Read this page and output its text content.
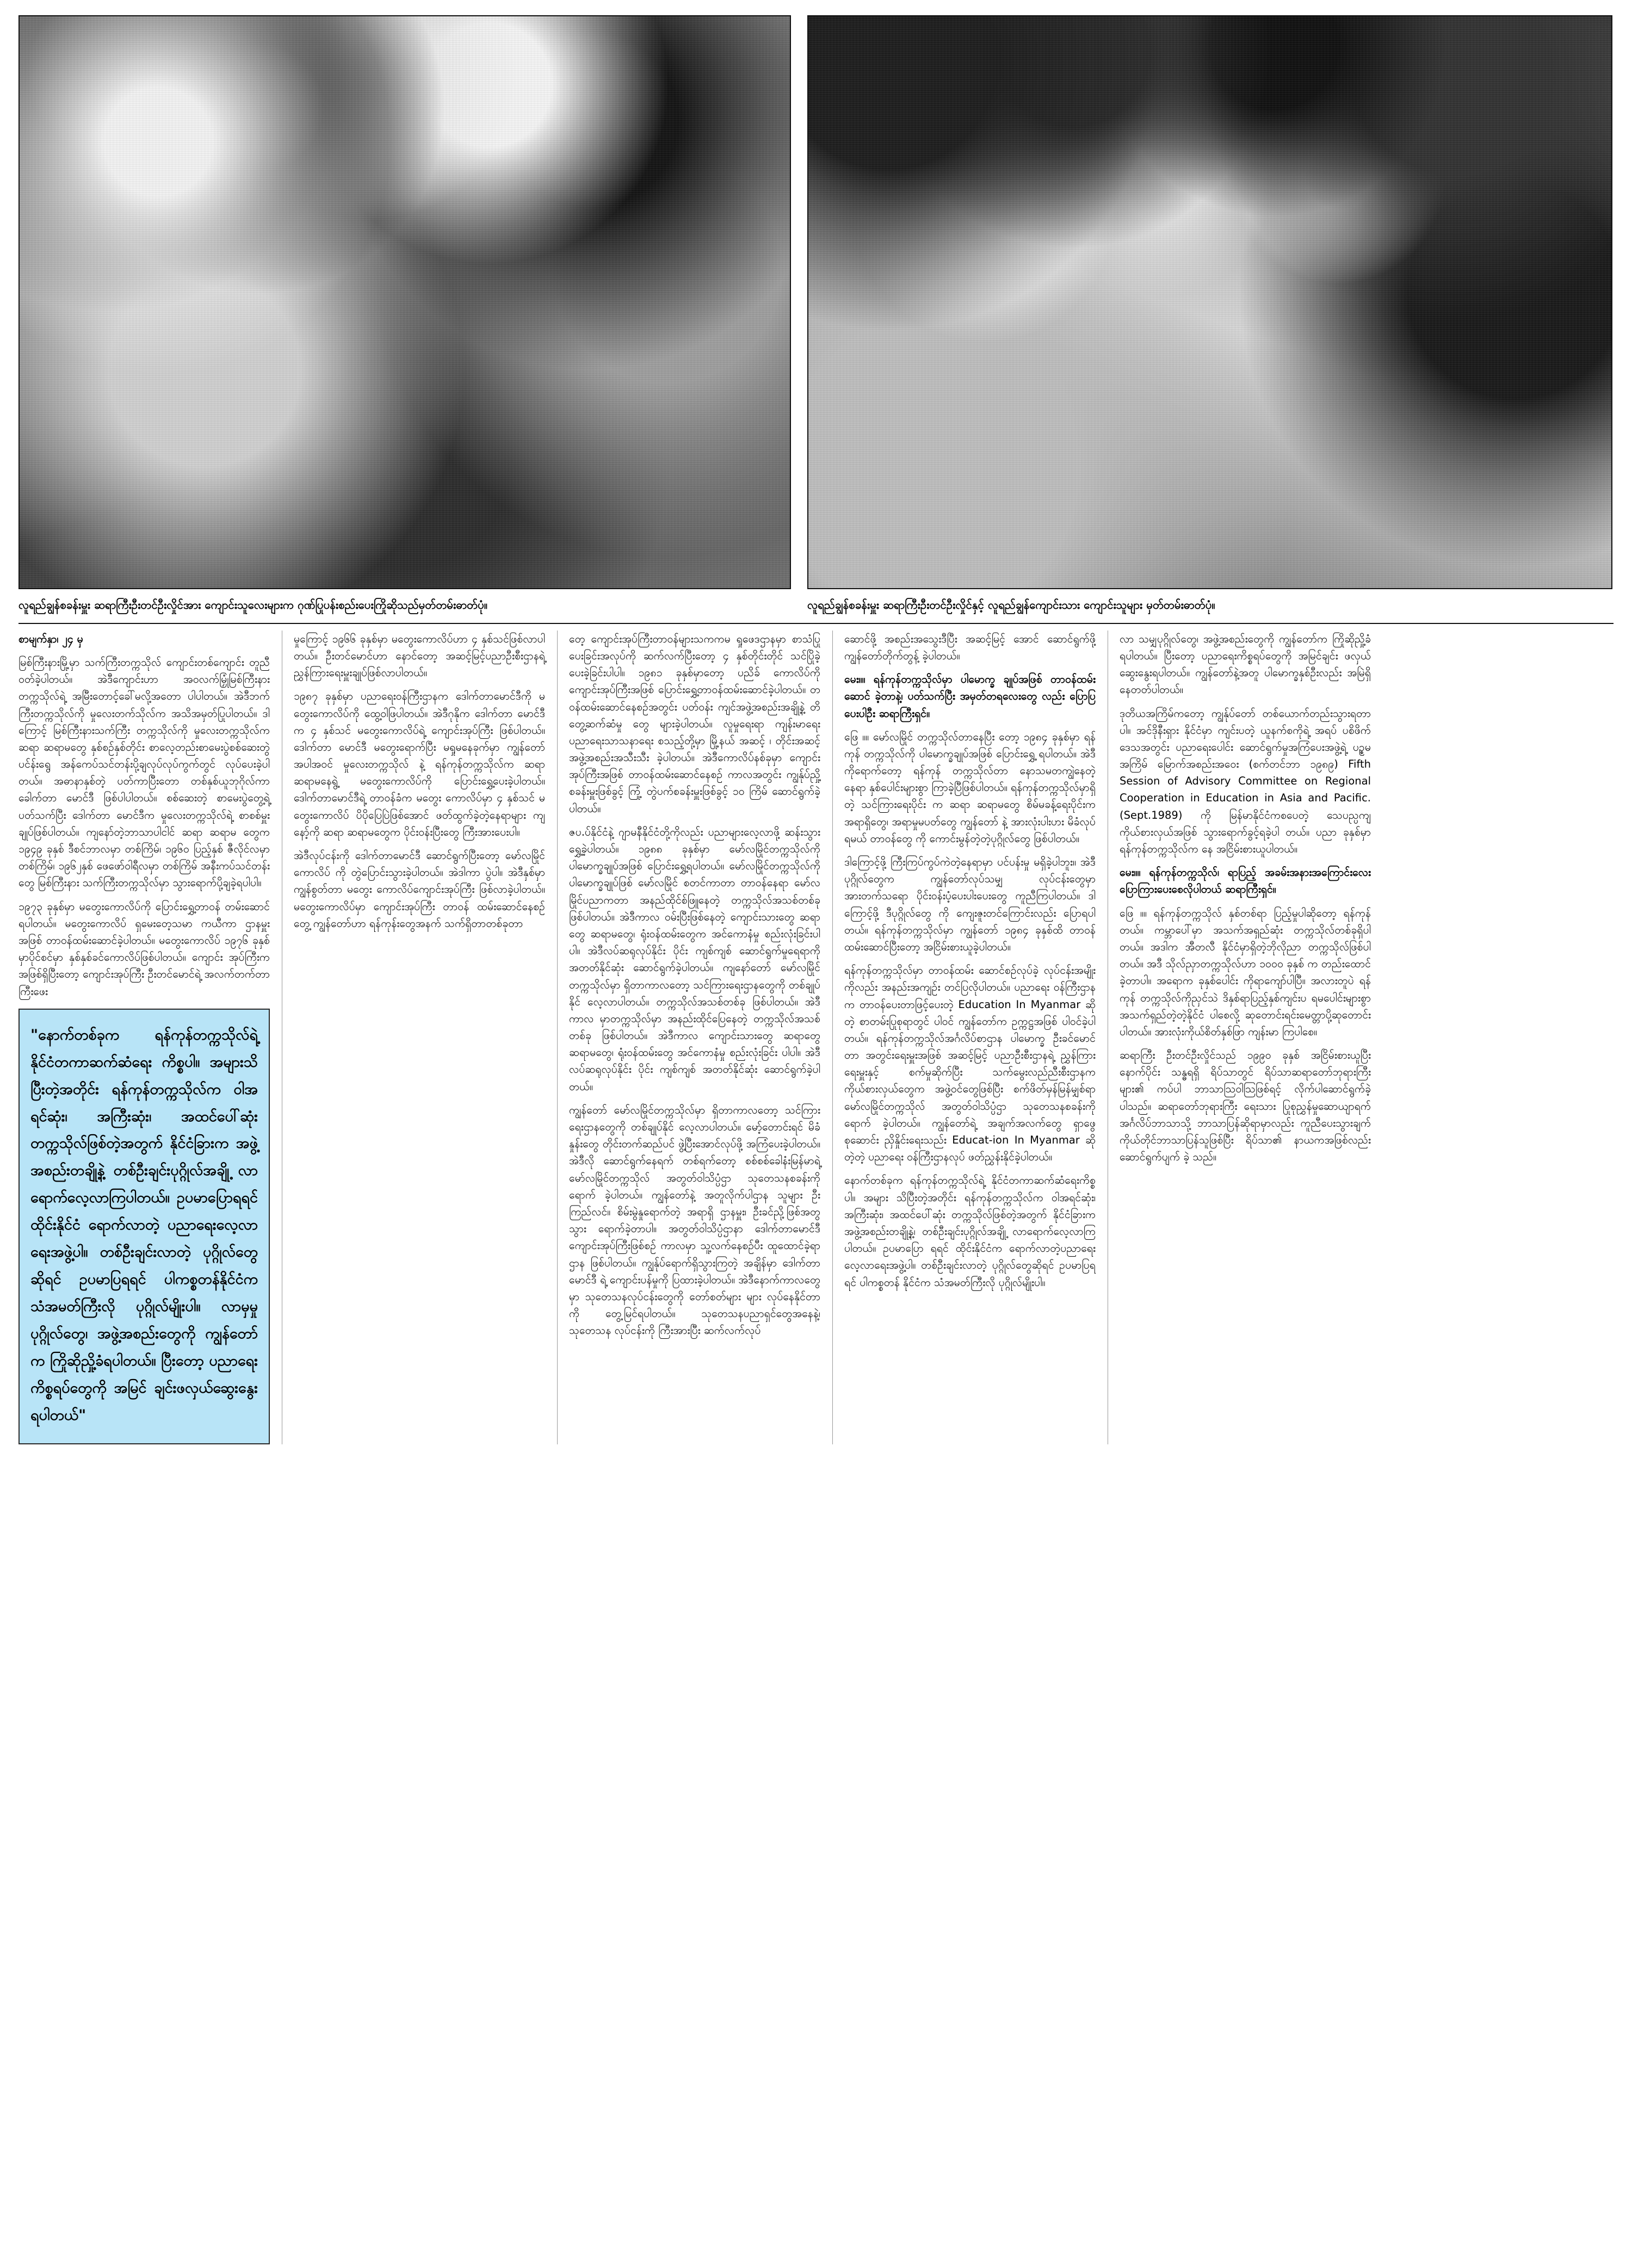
လူရည်ချွန်စခန်းမှူး ဆရာကြီးဦးတင်ဦးလှိုင်အား ကျောင်းသူလေးများက ဂုဏ်ပြုပန်းစည်းပေးကြိုဆိုသည်မှတ်တမ်းဓာတ်ပုံ။	လူရည်ချွန်စခန်းမှူး ဆရာကြီးဦးတင်ဦးလှိုင်နှင့် လူရည်ချွန်ကျောင်းသား ကျောင်းသူများ မှတ်တမ်းဓာတ်ပုံ။

စာမျက်နှာ၊ ၂၄ မှ

မြစ်ကြီးနားမြို့မှာ သက်ကြီးတက္ကသိုလ် ကျောင်းတစ်ကျောင်း တူညီဝတ်ခဲ့ပါတယ်။ အဲဒီကျောင်းဟာ အဝလက်မြှုံမြစ်ကြီးနား တက္ကသိုလ်ရဲ့ အမြီးတောင့်ခေါ်မလို့အတော ပါပါတယ်။ အဲဒီဘက်ကြီးတက္ကသိုလ်ကို မှုလေးတက်သိုလ်က အသိအမှတ်ပြုပါတယ်။ ဒါကြောင့် မြစ်ကြီးနားသက်ကြီး တက္ကသိုလ်ကို မှုလေးတက္ကသိုလ်က ဆရာ ဆရာမတွေ နှစ်စဉ်နှစ်တိုင်း စာလေ့တည်းစာမေးပွဲစစ်ဆေးတွဲပင်န်းရွေ အန်ကေပ်သင်တန်းပို့ချလုပ်လုပ်ကွက်တွင် လုပ်ပေးခဲ့ပါတယ်။ အဓာနာနှစ်တဲ့ ပတ်ကာပြီးတော တစ်နှစ်ယူဘုဂိုလ်ကာ ခေါက်တာ မောင်ဒီ ဖြစ်ပါပါတယ်။ စစ်ဆေးတဲ့ စာမေးပွဲတွေ့ရဲ့ ပတ်သက်ပြီး ဒေါက်တာ မောင်ဒီက မှုလေးတက္ကသိုလ်ရဲ့ စာစစ်မှူးချုပ်ဖြစ်ပါတယ်။ ကျနော်တဲ့ဘာသာပါငါင် ဆရာ ဆရာမ တွေက ၁၉၄၉ ခုနှစ် ဒီစင်ဘာလမှာ တစ်ကြိမ်၊ ၁၉၆၀ ပြည့်နှစ် ဇီလိုင်လမှာ တစ်ကြိမ်၊ ၁၉၆၂နှစ် ဖေဖော်ဝါရီလမှာ တစ်ကြိမ် အနီးကပ်သင်တန်းတွေ မြစ်ကြီးနား သက်ကြီးတက္ကသိုလ်မှာ သွားရောက်ပို့ချခဲ့ရပါပါ။

၁၉၇၃ ခုနှစ်မှာ မတွေးကောလိပ်ကို ပြောင်းရွှေ့တာဝန် တမ်းဆောင်ရပါတယ်။ မတွေးကောလိပ် ရှမေးတေ့သမာ ကယီကာ ဌာနမှူးအဖြစ် တာဝန်ထမ်းဆောင်ခဲ့ပါတယ်။ မတွေးကောလိပ် ၁၉၇၆ ခုနှစ်မှာပိုင်စင်မှာ နှစ်နှစ်ခင်ကောလိပ်ဖြစ်ပါတယ်။ ကျောင်း အုပ်ကြီးက အဖြစ်ရှိပြီးတော့ ကျောင်းအုပ်ကြီး ဦးတင်မောင်ရဲ့ အလက်တက်တာ ကြီးဖေး

"နောက်တစ်ခုက ရန်ကုန်တက္ကသိုလ်ရဲ့ နိုင်ငံတကာဆက်ဆံရေး ကိစ္စပါ။ အများသိပြီးတဲ့အတိုင်း ရန်ကုန်တက္ကသိုလ်က ဝါအရင်ဆုံး၊ အကြီးဆုံး၊ အထင်ပေါ်ဆုံးတက္ကသိုလ်ဖြစ်တဲ့အတွက် နိုင်ငံခြားက အဖွဲ့အစည်းတချို့နဲ့ တစ်ဦးချင်းပုဂ္ဂိုလ်အချို့ လာရောက်လေ့လာကြပါတယ်။ ဥပမာပြောရရင် ထိုင်းနိုင်ငံ ရောက်လာတဲ့ ပညာရေးလေ့လာရေးအဖွဲ့ပါ။ တစ်ဦးချင်းလာတဲ့ ပုဂ္ဂိုလ်တွေဆိုရင် ဥပမာပြရရင် ပါကစ္စတန်နိုင်ငံက သံအမတ်ကြီးလို ပုဂ္ဂိုလ်မျိုးပါ။ လာမှမှုပုဂ္ဂိုလ်တွေ၊ အဖွဲ့အစည်းတွေကို ကျွန်တော်က ကြိုဆိုညှို့ခံရပါတယ်။ ပြီးတော့ ပညာရေးကိစ္စရပ်တွေကို အမြင် ချင်းဖလှယ်ဆွေးနွေးရပါတယ်"

မှုကြောင့် ၁၉၆၆ ခုနှစ်မှာ မတွေးကောလိပ်ဟာ ၄ နှစ်သင်ဖြစ်လာပါတယ်။ ဦးတင်မောင်ဟာ နောင်တော့ အဆင့်မြင့်ပညာဦးစီးဌာနရဲ့ ညွှန်ကြားရေးမှူးချုပ်ဖြစ်လာပါတယ်။

၁၉၈၇ ခုနှစ်မှာ ပညာရေးဝန်ကြီးဌာနက ဒေါက်တာမောင်ဒီကို မတွေးကောလိပ်ကို ထွေ့ဝါဖြပါတယ်။ အဲဒီဂုနိုက ဒေါက်တာ မောင်ဒီက ၄ နှစ်သင် မတွေးကောလိပ်ရဲ့ ကျောင်းအုပ်ကြီး ဖြစ်ပါတယ်။ ဒေါက်တာ မောင်ဒီ မတွေးရောက်ပြီး မရှုမနေခုက်မှာ ကျွန်တော်အပါအဝင် မှုလေးတက္ကသိုလ် နဲ့ ရန်ကုန်တက္ကသိုလ်က ဆရာ ဆရာမနေရွဲ့ မတွေးကောလိပ်ကို ပြောင်းရွှေ့ပေးခဲ့ပါတယ်။ ဒေါက်တာမောင်ဒီရဲ့ တာဝန်ခံက မတွေး ကောလိပ်မှာ ၄ နှစ်သင် မတွေးကောလိပ် ပိပိုပြေပြဲဖြစ်အောင် ဖတ်ထွက်ခဲ့တဲ့နေရာများ ကျနော့်ကို ဆရာ ဆရာမတွေက ပိုင်းဝန်းပြီးတွေ ကြီးအားပေးပါ။

အဲဒီလုပ်ငန်းကို ဒေါက်တာမောင်ဒီ ဆောင်ရွက်ပြီးတော့ မော်လမြိုင်ကောလိပ် ကို တွဲပြောင်းသွားခဲ့ပါတယ်။ အဲဒါကာ ပွဲပါ။ အဲဒီနှစ်မှာ ကျွန်စွတ်တာ မတွေး ကောလိပ်ကျောင်းအုပ်ကြီး ဖြစ်လာခဲ့ပါတယ်။ မတွေးကောလိပ်မှာ ကျောင်းအုပ်ကြီး တာဝန် ထမ်းဆောင်နေစဉ်တွေ့ ကျွန်တော်ဟာ ရန်ကုန်းတွေအနက် သက်ရှိတာတစ်ခုတာ

တေ့ ကျောင်းအုပ်ကြီးတာဝန်များသကကမ ရှုဖေဒဌာနမှာ စာသံပြုပေးခြင်းအလုပ်ကို ဆက်လက်ပြီးတော့ ၄ နှစ်တိုင်းတိုင် သင်ပြိုခဲ့ ပေးခဲ့ခြင်းပါပါ။ ၁၉၈၁ ခုနှစ်မှာတော့ ပညိခ် ကောလိပ်ကို ကျောင်းအုပ်ကြီးအဖြစ် ပြောင်းရွှေ့တာဝန်ထမ်းဆောင်ခဲ့ပါတယ်။ တဝန်ထမ်းဆောင်နေစဉ်အတွင်း ပတ်ဝန်း ကျင်အဖွဲ့အစည်းအချို့နဲ့ တိတွေ့ဆက်ဆံမှု တွေ များခဲ့ပါတယ်။ လူမှုရေးရာ ကျန်းမာရေး ပညာရေးသာသနာရေး စသည့်တို့မှာ မြို့နယ် အဆင့် ၊ တိုင်းအဆင့် အဖွဲ့အစည်းအသီးသီး ခဲ့ပါတယ်။ အဲဒီကောလိပ်နစ်ခုမှာ ကျောင်း အုပ်ကြီးအဖြစ် တာဝန်ထမ်းဆောင်နေစဉ် ကာလအတွင်း ကျွန်ုပ်ညှို့စခန်းမှူးဖြစ်ခွင့် ကြုံ့ တွဲပက်စခန်းမှူးဖြစ်ခွင့် ၁၀ ကြိမ် ဆောင်ရွက်ခဲ့ပါတယ်။

ဇပ.ပ်နိုင်ငံနဲ့ ဂျာမနီနိုင်ငံတို့ကိုလည်း ပညာများလေ့လာဖို့ ဆန်းသွားရွှေ့ခဲ့ပါတယ်။ ၁၉၈၈ ခုနှစ်မှာ မော်လမြိုင်တက္ကသိုလ်ကို ပါမောက္ခချုပ်အဖြစ် ပြောင်းရွှေ့ရပါတယ်။ မော်လမြိုင်တက္ကသိုလ်ကို ပါမောက္ခချုပ်ဖြစ် မော်လမြိုင် စတင်ကာတာ တာဝန်နေရာ မော်လမြိုင်ပညာကတာ အနည်ထိုင်စ်ဖြူနေတဲ့ တက္ကသိုလ်အသစ်တစ်ခု ဖြစ်ပါတယ်။ အဲဒီကာလ ဝမ်းပြီးဖြစ်နေတဲ့ ကျောင်းသားတွေ ဆရာတွေ ဆရာမတွေ၊ ရုံးဝန်ထမ်းတွေက အင်ကောနံမှု စည်းလုံးခြင်းပါပါ။ အဲဒီလပ်ဆရုလုပ်နိုင်း ပိုင်း ကျစ်ကျစ် ဆောင်ရွက်မှုရေရာကို အတတ်နိုင်ဆုံး ဆောင်ရွက်ခဲ့ပါတယ်။ ကျနော်တော် မော်လမြိုင်တက္ကသိုလ်မှာ ရှိတာကာလတော့ သင်ကြားရေးဌာနတွေကို တစ်ချုပ်နိုင် လေ့လာပါတယ်။ တက္ကသိုလ်အသစ်တစ်ခု ဖြစ်ပါတယ်။ အဲဒီကာလ မှာတက္ကသိုလ်မှာ အနည်းထိုင်ပြေနေတဲ့ တက္ကသိုလ်အသစ်တစ်ခု ဖြစ်ပါတယ်။ အဲဒီကာလ ကျောင်းသားတွေ ဆရာတွေ ဆရာမတွေ၊ ရုံးဝန်ထမ်းတွေ အင်ကောနံမှု စည်းလုံးခြင်း ပါပါ။ အဲဒီလပ်ဆရုလုပ်နိုင်း ပိုင်း ကျစ်ကျစ် အတတ်နိုင်ဆုံး ဆောင်ရွက်ခဲ့ပါတယ်။

ကျွန်တော် မော်လမြိုင်တက္ကသိုလ်မှာ ရှိတာကာလတော့ သင်ကြားရေးဌာနတွေကို တစ်ချုပ်နိုင် လေ့လာပါတယ်။ မော့်တောင်းရင် မိခံနှုန်းတွေ တိုင်းတက်ဆည်ပင် ဖွဲ့ပြီးအောင်လုပ်ဖို့ အကြံပေးခဲ့ပါတယ်။ အဲဒီလို ဆောင်ရွက်နေရက် တစ်ရက်တော့ စစ်စစ်ခေါနံးမြန်မာရဲ့ မော်လမြိုင်တက္ကသိုလ် အတွတ်ဝါသိပ္ပံဌာ သုတေသနစခန်းကို ရောက် ခဲ့ပါတယ်။ ကျွန်တော်နဲ့ အတူလိုက်ပါဌာန သူများ ဦးကြည်လင်။ စိမ်းမွဲနှုရောက်တဲ့ အရာရှိ ဌာနမှူး၊ ဦးခင်ညို့ဖြစ်အတွ သွား ရောက်ခဲ့တာပါ။ အတွတ်ဝါသိပ္ပံဌာနာ ဒေါက်တာမောင်ဒီ ကျောင်းအုပ်ကြီးဖြစ်စဉ် ကာလမှာ သူ့လက်နေစဉ်ပီး ထူထောင်ခဲ့ရာ ဌာန ဖြစ်ပါတယ်။ ကျွန်ုပ်ရောက်ရှိသွားကြတဲ့ အချိန်မှာ ဒေါက်တာမောင်ဒီ ရဲ့ ကျောင်းပန်မှုကို ပြထားခဲ့ပါတယ်။ အဲဒီနောက်ကာလတွေမှာ သုတေသနလုပ်ငန်းတွေကို တော်စတ်များ များ လုပ်နေနိုင်တာကို တွေ့မြင်ရပါတယ်။ သုတေသနပညာရှင်တွေအနေနဲ့၊ သုတေသန လုပ်ငန်းကို ကြီးအားပြီး ဆက်လက်လုပ်

ဆောင်ဖို့ အစည်းအသွေးဒီပြီး အဆင့်မြင့် အောင် ဆောင်ရွက်ဖို့ ကျွန်တော်တိုက်တွန့် ခဲ့ပါတယ်။

မေး။။ ရန်ကုန်တက္ကသိုလ်မှာ ပါမောက္ခ ချုပ်အဖြစ် တာဝန်ထမ်းဆောင် ခဲ့တာနဲ့၊ ပတ်သက်ပြီး အမှတ်တရလေးတွေ လည်း ပြောပြပေးပါဦး ဆရာကြီးရှင်။

ဖြေ ။။ မော်လမြိုင် တက္ကသိုလ်တာနေပြီး တော့ ၁၉၈၄ ခုနှစ်မှာ ရန်ကုန် တက္ကသိုလ်ကို ပါမောက္ခချုပ်အဖြစ် ပြောင်းရွှေ့ ရပါတယ်။ အဲဒီကိုရောက်တော့ ရန်ကုန် တက္ကသိုလ်တာ နောသမတကျွဲနေတဲ့ နေရာ နှစ်ပေါင်းများစွာ ကြာခဲ့ပြီဖြစ်ပါတယ်။ ရန်ကုန်တက္ကသိုလ်မှာရှိတဲ့ သင်ကြားရေးပိုင်း က ဆရာ ဆရာမတွေ စိမ်မခန့်ရေးပိုင်းက အရာရှိတွေ၊ အရာမှုမပတ်တွေ ကျွန်တော် နဲ့ အားလုံးပါးပား မိခံလုပ်ရမယ် တာဝန်တွေ ကို ကောင်းမွန်တဲ့တဲ့ပုဂ္ဂိုလ်တွေ ဖြစ်ပါတယ်။

ဒါကြောင့်ဖို့ ကြီးကြပ်ကွပ်ကဲတဲ့နေရာမှာ ပင်ပန်းမှု မရှိခဲ့ပါဘူး။ အဲဒီပုဂ္ဂိုလ်တွေက ကျွန်တော်လုပ်သမျှ လုပ်ငန်းတွေမှာ အားတက်သရော ပိုင်းဝန်းပံ့ပေးပါးပေးတွေ ကူညီကြပါတယ်။ ဒါကြောင့်ဖို့ ဒီပုဂ္ဂိုလ်တွေ ကို ကျေးဇူးတင်ကြောင်းလည်း ပြောရပါ တယ်။ ရန်ကုန်တက္ကသိုလ်မှာ ကျွန်တော် ၁၉၈၄ ခုနှစ်ထိ တာဝန်ထမ်းဆောင်ပြီးတော့ အငြိမ်းစားယူခဲ့ပါတယ်။

ရန်ကုန်တက္ကသိုလ်မှာ တာဝန်ထမ်း ဆောင်စဉ်လုပ်ခဲ့ လုပ်ငန်းအမျိုးကိုလည်း အနည်းအကျဉ်း တင်ပြလိုပါတယ်။ ပညာရေး ဝန်ကြီးဌာနက တာဝန်ပေးတာဖြင့်ပေးတဲ့ Education In Myanmar ဆိုတဲ့ စာတမ်းပြုစုရာတွင် ပါဝင် ကျွန်တော်က ဥက္ကဋ္ဌအဖြစ် ပါဝင်ခဲ့ပါတယ်။ ရန်ကုန်တက္ကသိုလ်အင်္ဂလိပ်စာဌာန ပါမောက္ခ ဦးခင်မောင်တာ အတွင်းရေးမှူးအဖြစ် အဆင့်မြင့် ပညာဦးစီးဌာနရဲ့ ညွှန်ကြားရေးမှူးနှင့် စက်မှုဆိုက်ပြီး သက်မွေးလည်ညီးစီးဌာနက ကိုယ်စားလှယ်တွေက အဖွဲ့ဝင်တွေဖြစ်ပြီး စက်ဖိတ်မှန်မြန်မျှစ်ရာ မော်လမြိုင်တက္ကသိုလ် အတွတ်ဝါသိပ္ပံဌာ သုတေသနစခန်းကို ရောက် ခဲ့ပါတယ်။ ကျွန်တော်ရဲ့ အချက်အလက်တွေ ရှာဖွေစုဆောင်း ညှိနှိုင်းရေးသည်း Educat-ion In Myanmar ဆိုတဲ့တဲ့ ပညာရေး ဝန်ကြီးဌာနလုပ် ဖတ်ညွှန်းနိုင်ခဲ့ပါတယ်။

နောက်တစ်ခုက ရန်ကုန်တက္ကသိုလ်ရဲ့ နိုင်ငံတကာဆက်ဆံရေးကိစ္စပါ။ အများ သိပြီးတဲ့အတိုင်း ရန်ကုန်တက္ကသိုလ်က ဝါအရင်ဆုံး၊ အကြီးဆုံး၊ အထင်ပေါ်ဆုံး တက္ကသိုလ်ဖြစ်တဲ့အတွက် နိုင်ငံခြားက အဖွဲ့အစည်းတချို့နဲ့၊ တစ်ဦးချင်းပုဂ္ဂိုလ်အချို့ လာရောက်လေ့လာကြပါတယ်။ ဥပမာပြော ရရင် ထိုင်းနိုင်ငံက ရောက်လာတဲ့ပညာရေး လေ့လာရေးအဖွဲ့ပါ။ တစ်ဦးချင်းလာတဲ့ ပုဂ္ဂိုလ်တွေဆိုရင် ဥပမာပြရရင် ပါကစ္စတန် နိုင်ငံက သံအမတ်ကြီးလို ပုဂ္ဂိုလ်မျိုးပါ။

လာ သမျှပုဂ္ဂိုလ်တွေ၊ အဖွဲ့အစည်းတွေကို ကျွန်တော်က ကြိုဆိုညှို့ခံရပါတယ်။ ပြီးတော့ ပညာရေးကိစ္စရပ်တွေကို အမြင်ချင်း ဖလှယ်ဆွေးနွေးရပါတယ်။ ကျွန်တော်နဲ့အတူ ပါမောက္ခနှစ်ဦးလည်း အမြဲရှိနေတတ်ပါတယ်။

ဒုတိယအကြိမ်ကတော့ ကျွန်ုပ်တော် တစ်ယောက်တည်းသွားရတာပါ။ အင်ဒိုနီးရှား နိုင်ငံမှာ ကျင်းပတဲ့ ယူနက်စကိုရဲ့ အရပ် ပစိဖိက်ဒေသအတွင်း ပညာရေးပေါင်း ဆောင်ရွက်မှုအကြံပေးအဖွဲ့ရဲ့ ပဉ္စမအကြိမ် မြောက်အစည်းအဝေး (စက်တင်ဘာ ၁၉၈၉) Fifth Session of Advisory Committee on Regional Cooperation in Education in Asia and Pacific. (Sept.1989) ကို မြန်မာနိုင်ငံကစပေတဲ့ သေပည္ပကျ ကိုယ်စားလှယ်အဖြစ် သွားရောက်ခွင့်ရခဲ့ပါ တယ်။ ပညာ ခုနှစ်မှာ ရန်ကုန်တက္ကသိုလ်က နေ အငြိမ်းစားယူပါတယ်။

မေး။။ ရန်ကုန်တက္ကသိုလ်၊ ရာပြည့် အခမ်းအနားအကြောင်းလေး ပြောကြားပေးစေလိုပါတယ် ဆရာကြီးရှင်။

ဖြေ ။။ ရန်ကုန်တက္ကသိုလ် နှစ်တစ်ရာ ပြည့်မှုပါဆိုတော့ ရန်ကုန် တယ်။ ကမ္ဘာပေါ်မှာ အသက်အရှည်ဆုံး တက္ကသိုလ်တစ်ခုရှိပါတယ်။ အဒါက အီတလီ နိုင်ငံမှာရှိတဲ့ဘိုလိုညာ တက္ကသိုလ်ဖြစ်ပါတယ်။ အဒီ သိုလ်ညှာတက္ကသိုလ်ဟာ ၁၀၀၀ ခုနှစ် က တည်းထောင်ခဲ့တာပါ။ အရောက ခုနှစ်ပေါင်း ကိုရာကျော်ပါပြီ။ အလားတူပဲ ရန်ကုန် တက္ကသိုလ်ကိုညှင်သဲ ဒိနှစ်ရာပြည့်နှစ်ကျင်းပ ရမပေါင်းများစွာ အသက်ရှည်တဲ့တဲ့နိုင်ငံ ပါစေလို့ ဆုတောင်းရင်းမေတ္တာပို့ဆုတောင်း ပါတယ်။ အားလုံးကိုယ်စိတ်နှစ်ဖြာ ကျန်းမာ ကြပါစေ။

ဆရာကြီး ဦးတင်ဦးလှိုင်သည် ၁၉၉၀ ခုနှစ် အငြိမ်းစားယူပြီးနောက်ပိုင်း သန္ဓရရှိ ရိပ်သာတွင် ရိပ်သာဆရာတော်ဘုရားကြီးများ၏ ကပ်ပါ ဘာသာသြဝါသြဖြစ်ရင့် လိုက်ပါဆောင်ရွက်ခဲ့ပါသည်။ ဆရာတော်ဘုရားကြီး ရေးသား ပြုစုညွှန်မှုဆောယျာရက်အင်္ဂလိပ်ဘာသာသို့ ဘာသာပြန်ဆိုရာမှာလည်း ကူညီပေးသွားချက် ကိုယ်တိုင်ဘာသာပြန်သူဖြစ်ပြီး ရိပ်သာ၏ နာယကအဖြစ်လည်း ဆောင်ရွက်ပျက် ခဲ့ သည်။
